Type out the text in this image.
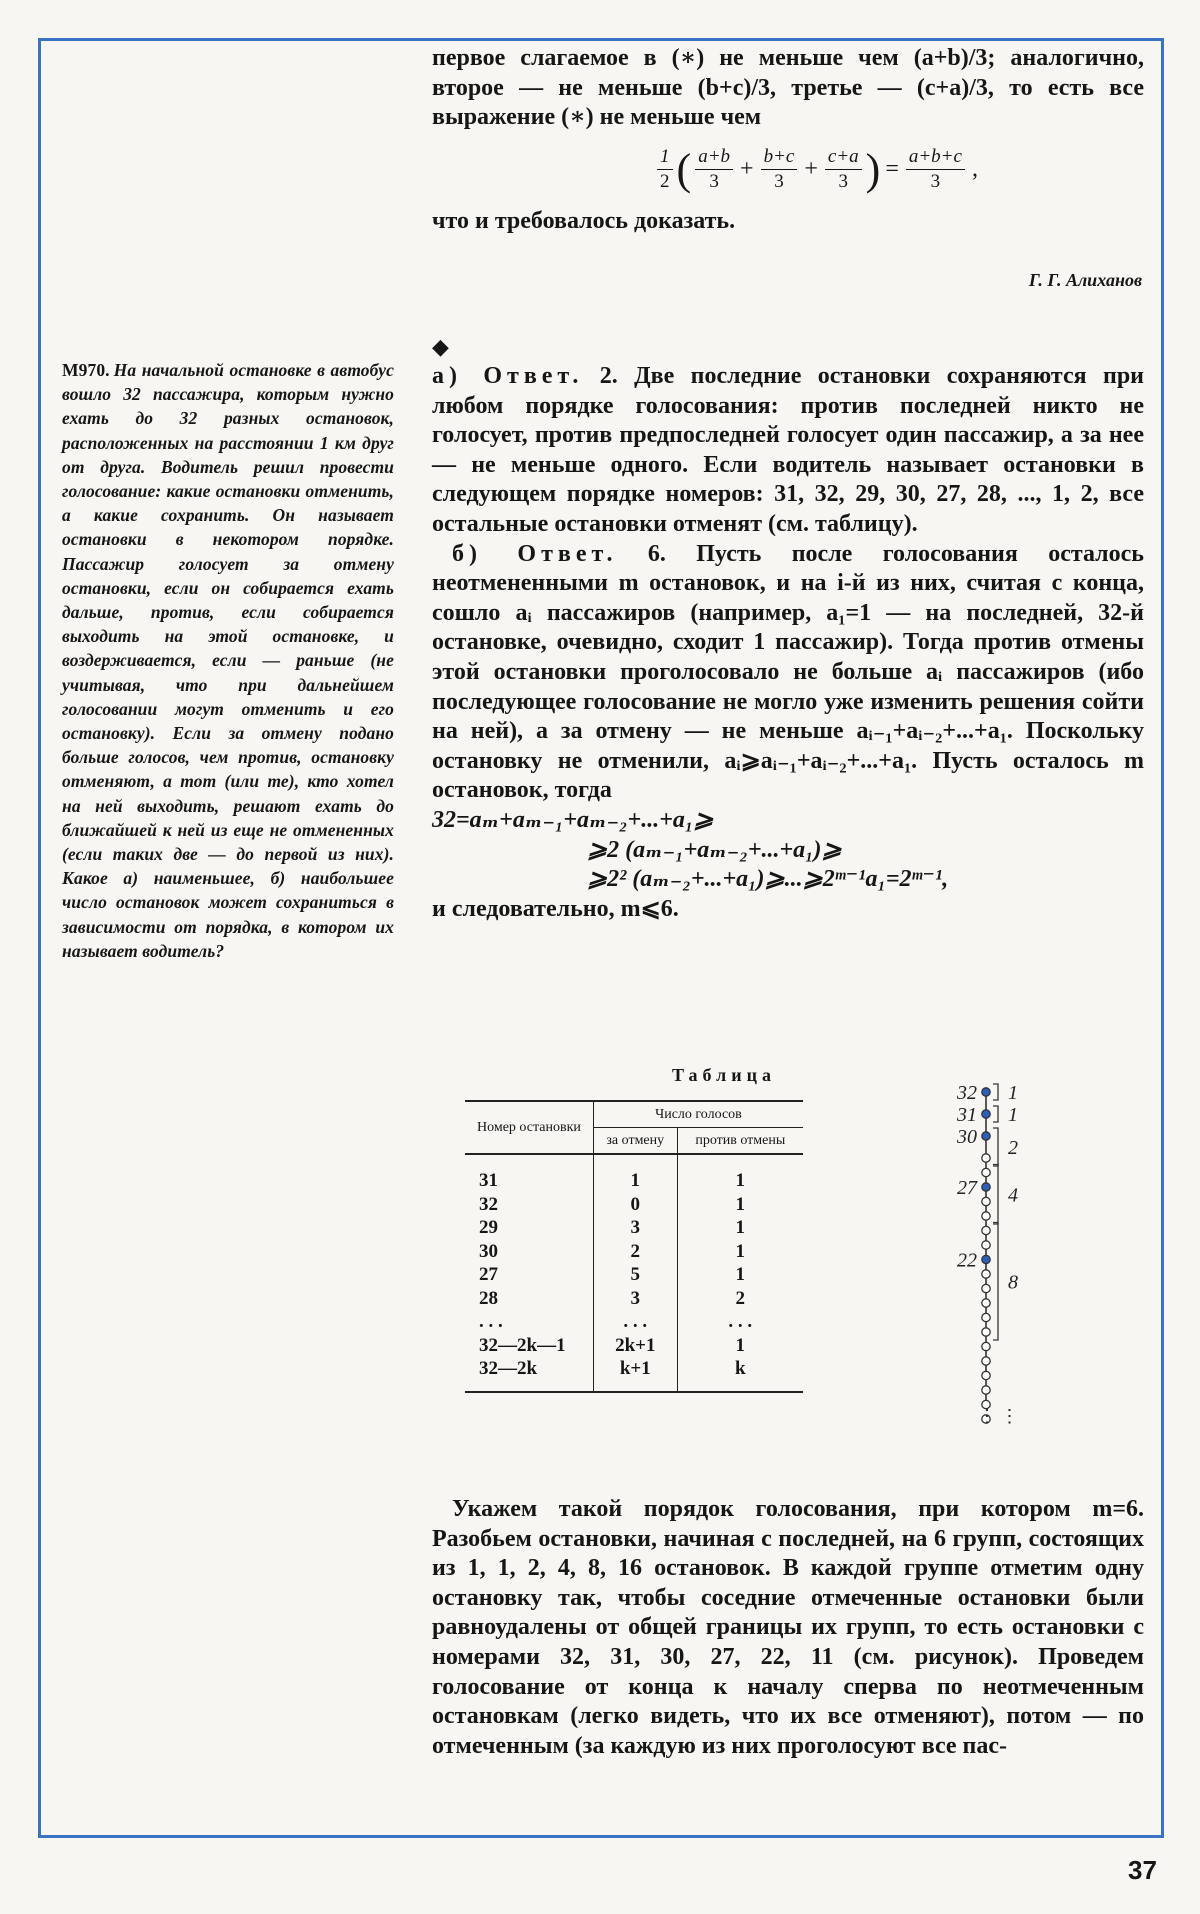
первое слагаемое в (∗) не меньше чем (a+b)/3; аналогично, второе — не меньше (b+c)/3, третье — (c+a)/3, то есть все выражение (∗) не меньше чем

$\frac{1}{2}$ ( $\frac{a+b}{3} + \frac{b+c}{3} + \frac{c+a}{3}$ ) = $\frac{a+b+c}{3}$ ,

что и требовалось доказать.

Г. Г. Алиханов
М970. На начальной остановке в автобус вошло 32 пассажира, которым нужно ехать до 32 разных остановок, расположенных на расстоянии 1 км друг от друга. Водитель решил провести голосование: какие остановки отменить, а какие сохранить. Он называет остановки в некотором порядке. Пассажир голосует за отмену остановки, если он собирается ехать дальше, против, если собирается выходить на этой остановке, и воздерживается, если — раньше (не учитывая, что при дальнейшем голосовании могут отменить и его остановку). Если за отмену подано больше голосов, чем против, остановку отменяют, а тот (или те), кто хотел на ней выходить, решают ехать до ближайшей к ней из еще не отмененных (если таких две — до первой из них). Какое а) наименьшее, б) наибольшее число остановок может сохраниться в зависимости от порядка, в котором их называет водитель?
◆

а) Ответ. 2. Две последние остановки сохраняются при любом порядке голосования: против последней никто не голосует, против предпоследней голосует один пассажир, а за нее — не меньше одного. Если водитель называет остановки в следующем порядке номеров: 31, 32, 29, 30, 27, 28, ..., 1, 2, все остальные остановки отменят (см. таблицу).

б) Ответ. 6. Пусть после голосования осталось неотмененными m остановок, и на i-й из них, считая с конца, сошло aᵢ пассажиров (например, a₁=1 — на последней, 32-й остановке, очевидно, сходит 1 пассажир). Тогда против отмены этой остановки проголосовало не больше aᵢ пассажиров (ибо последующее голосование не могло уже изменить решения сойти на ней), а за отмену — не меньше aᵢ₋₁+aᵢ₋₂+...+a₁. Поскольку остановку не отменили, aᵢ⩾aᵢ₋₁+aᵢ₋₂+...+a₁. Пусть осталось m остановок, тогда

32=aₘ+aₘ₋₁+aₘ₋₂+...+a₁⩾
⩾2 (aₘ₋₁+aₘ₋₂+...+a₁)⩾
⩾2² (aₘ₋₂+...+a₁)⩾...⩾2ᵐ⁻¹a₁=2ᵐ⁻¹,

и следовательно, m⩽6.

Таблица
Номер остановки	Число голосов	
	за отмену	против отмены
31	1	1
32	0	1
29	3	1
30	2	1
27	5	1
28	3	2
. . .	. . .	. . .
32—2k—1	2k+1	1
32—2k	k+1	k
1
1
2
4
8
32
31
30
27
22
⋮ ⋮

Укажем такой порядок голосования, при котором m=6. Разобьем остановки, начиная с последней, на 6 групп, состоящих из 1, 1, 2, 4, 8, 16 остановок. В каждой группе отметим одну остановку так, чтобы соседние отмеченные остановки были равноудалены от общей границы их групп, то есть остановки с номерами 32, 31, 30, 27, 22, 11 (см. рисунок). Проведем голосование от конца к началу сперва по неотмеченным остановкам (легко видеть, что их все отменяют), потом — по отмеченным (за каждую из них проголосуют все пас-

37
